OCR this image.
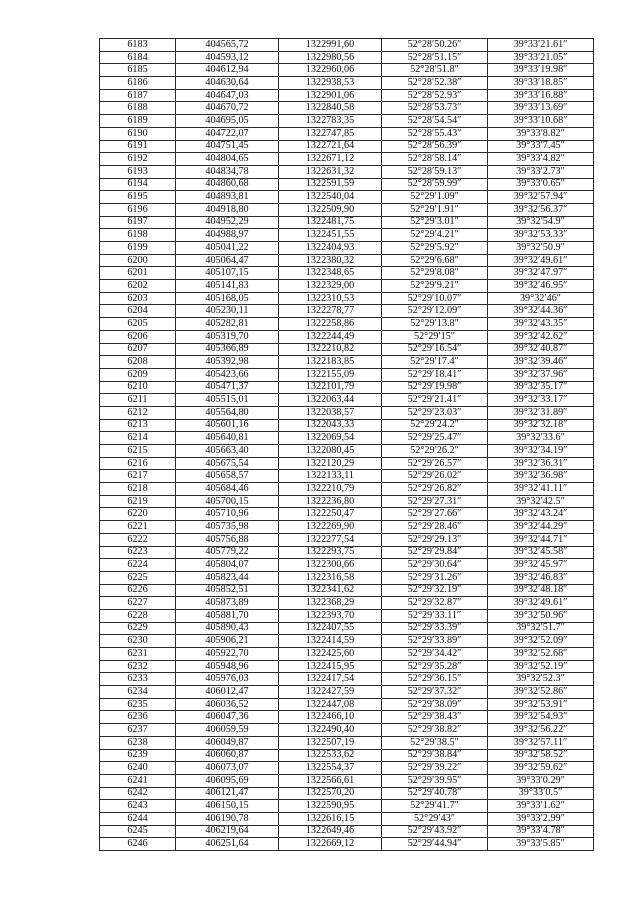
6183	404565,72	1322991,60	52°28′50.26″	39°33′21.61″
6184	404593,12	1322980,56	52°28′51.15″	39°33′21.05″
6185	404612,94	1322960,06	52°28′51.8″	39°33′19.98″
6186	404630,64	1322938,53	52°28′52.38″	39°33′18.85″
6187	404647,03	1322901,06	52°28′52.93″	39°33′16.88″
6188	404670,72	1322840,58	52°28′53.73″	39°33′13.69″
6189	404695,05	1322783,35	52°28′54.54″	39°33′10.68″
6190	404722,07	1322747,85	52°28′55.43″	39°33′8.82″
6191	404751,45	1322721,64	52°28′56.39″	39°33′7.45″
6192	404804,65	1322671,12	52°28′58.14″	39°33′4.82″
6193	404834,78	1322631,32	52°28′59.13″	39°33′2.73″
6194	404860,68	1322591,59	52°28′59.99″	39°33′0.65″
6195	404893,81	1322540,04	52°29′1.09″	39°32′57.94″
6196	404918,80	1322509,90	52°29′1.91″	39°32′56.37″
6197	404952,29	1322481,75	52°29′3.01″	39°32′54.9″
6198	404988,97	1322451,55	52°29′4.21″	39°32′53.33″
6199	405041,22	1322404,93	52°29′5.92″	39°32′50.9″
6200	405064,47	1322380,32	52°29′6.68″	39°32′49.61″
6201	405107,15	1322348,65	52°29′8.08″	39°32′47.97″
6202	405141,83	1322329,00	52°29′9.21″	39°32′46.95″
6203	405168,05	1322310,53	52°29′10.07″	39°32′46″
6204	405230,11	1322278,77	52°29′12.09″	39°32′44.36″
6205	405282,81	1322258,86	52°29′13.8″	39°32′43.35″
6206	405319,70	1322244,49	52°29′15″	39°32′42.62″
6207	405366,89	1322210,82	52°29′16.54″	39°32′40.87″
6208	405392,98	1322183,85	52°29′17.4″	39°32′39.46″
6209	405423,66	1322155,09	52°29′18.41″	39°32′37.96″
6210	405471,37	1322101,79	52°29′19.98″	39°32′35.17″
6211	405515,01	1322063,44	52°29′21.41″	39°32′33.17″
6212	405564,80	1322038,57	52°29′23.03″	39°32′31.89″
6213	405601,16	1322043,33	52°29′24.2″	39°32′32.18″
6214	405640,81	1322069,54	52°29′25.47″	39°32′33.6″
6215	405663,40	1322080,45	52°29′26.2″	39°32′34.19″
6216	405675,54	1322120,29	52°29′26.57″	39°32′36.31″
6217	405658,57	1322133,11	52°29′26.02″	39°32′36.98″
6218	405684,46	1322210,79	52°29′26.82″	39°32′41.11″
6219	405700,15	1322236,80	52°29′27.31″	39°32′42.5″
6220	405710,96	1322250,47	52°29′27.66″	39°32′43.24″
6221	405735,98	1322269,90	52°29′28.46″	39°32′44.29″
6222	405756,88	1322277,54	52°29′29.13″	39°32′44.71″
6223	405779,22	1322293,75	52°29′29.84″	39°32′45.58″
6224	405804,07	1322300,66	52°29′30.64″	39°32′45.97″
6225	405823,44	1322316,58	52°29′31.26″	39°32′46.83″
6226	405852,51	1322341,62	52°29′32.19″	39°32′48.18″
6227	405873,89	1322368,29	52°29′32.87″	39°32′49.61″
6228	405881,70	1322393,70	52°29′33.11″	39°32′50.96″
6229	405890,43	1322407,55	52°29′33.39″	39°32′51.7″
6230	405906,21	1322414,59	52°29′33.89″	39°32′52.09″
6231	405922,70	1322425,60	52°29′34.42″	39°32′52.68″
6232	405948,96	1322415,95	52°29′35.28″	39°32′52.19″
6233	405976,03	1322417,54	52°29′36.15″	39°32′52.3″
6234	406012,47	1322427,59	52°29′37.32″	39°32′52.86″
6235	406036,52	1322447,08	52°29′38.09″	39°32′53.91″
6236	406047,36	1322466,10	52°29′38.43″	39°32′54.93″
6237	406059,59	1322490,40	52°29′38.82″	39°32′56.22″
6238	406049,87	1322507,19	52°29′38.5″	39°32′57.11″
6239	406060,87	1322533,62	52°29′38.84″	39°32′58.52″
6240	406073,07	1322554,37	52°29′39.22″	39°32′59.62″
6241	406095,69	1322566,61	52°29′39.95″	39°33′0.29″
6242	406121,47	1322570,20	52°29′40.78″	39°33′0.5″
6243	406150,15	1322590,95	52°29′41.7″	39°33′1.62″
6244	406190,78	1322616,15	52°29′43″	39°33′2.99″
6245	406219,64	1322649,46	52°29′43.92″	39°33′4.78″
6246	406251,64	1322669,12	52°29′44.94″	39°33′5.85″
